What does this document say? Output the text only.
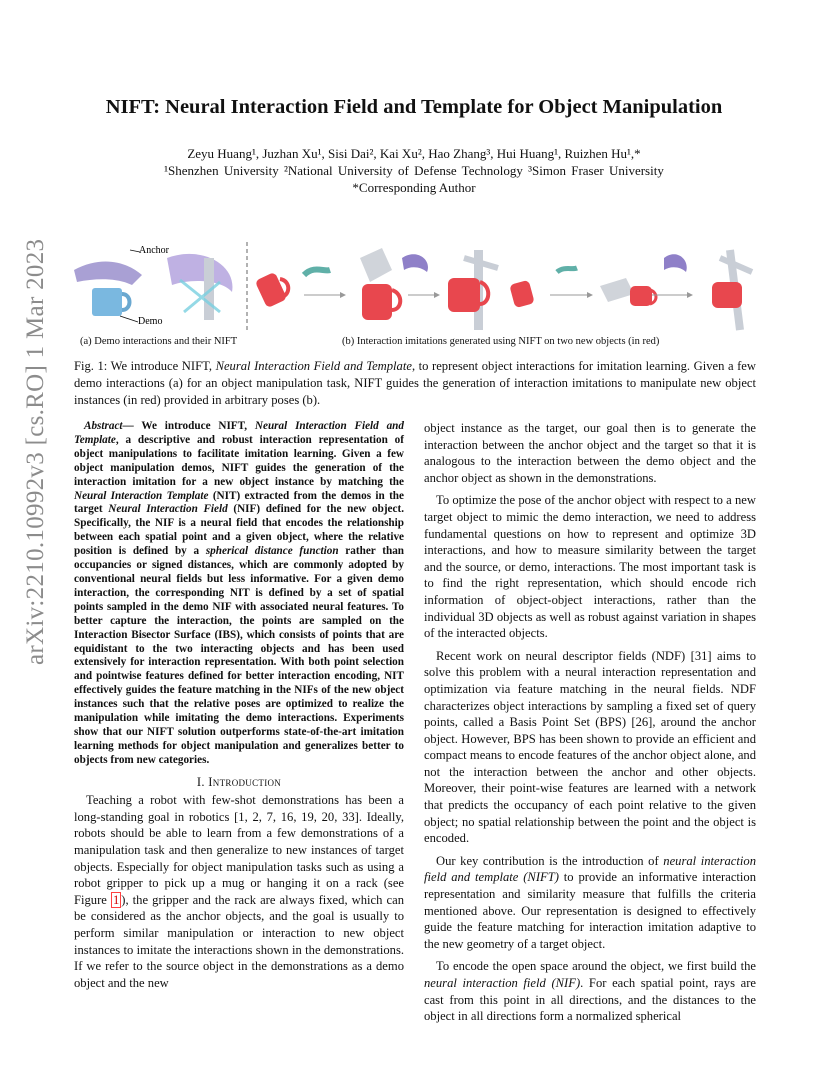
NIFT: Neural Interaction Field and Template for Object Manipulation
Zeyu Huang¹, Juzhan Xu¹, Sisi Dai², Kai Xu², Hao Zhang³, Hui Huang¹, Ruizhen Hu¹,*
¹Shenzhen University ²National University of Defense Technology ³Simon Fraser University
*Corresponding Author
arXiv:2210.10992v3 [cs.RO] 1 Mar 2023	Anchor
Demo
(a) Demo interactions and their NIFT	(b) Interaction imitations generated using NIFT on two new objects (in red)
Fig. 1: We introduce NIFT, Neural Interaction Field and Template, to represent object interactions for imitation learning. Given a few demo interactions (a) for an object manipulation task, NIFT guides the generation of interaction imitations to manipulate new object instances (in red) provided in arbitrary poses (b).

Abstract— We introduce NIFT, Neural Interaction Field and Template, a descriptive and robust interaction representation of object manipulations to facilitate imitation learning. Given a few object manipulation demos, NIFT guides the generation of the interaction imitation for a new object instance by matching the Neural Interaction Template (NIT) extracted from the demos in the target Neural Interaction Field (NIF) defined for the new object. Specifically, the NIF is a neural field that encodes the relationship between each spatial point and a given object, where the relative position is defined by a spherical distance function rather than occupancies or signed distances, which are commonly adopted by conventional neural fields but less informative. For a given demo interaction, the corresponding NIT is defined by a set of spatial points sampled in the demo NIF with associated neural features. To better capture the interaction, the points are sampled on the Interaction Bisector Surface (IBS), which consists of points that are equidistant to the two interacting objects and has been used extensively for interaction representation. With both point selection and pointwise features defined for better interaction encoding, NIT effectively guides the feature matching in the NIFs of the new object instances such that the relative poses are optimized to realize the manipulation while imitating the demo interactions. Experiments show that our NIFT solution outperforms state-of-the-art imitation learning methods for object manipulation and generalizes better to objects from new categories.

I. Introduction

Teaching a robot with few-shot demonstrations has been a long-standing goal in robotics [1, 2, 7, 16, 19, 20, 33]. Ideally, robots should be able to learn from a few demonstrations of a manipulation task and then generalize to new instances of target objects. Especially for object manipulation tasks such as using a robot gripper to pick up a mug or hanging it on a rack (see Figure 1 ), the gripper and the rack are always fixed, which can be considered as the anchor objects, and the goal is usually to perform similar manipulation or interaction to new object instances to imitate the interactions shown in the demonstrations. If we refer to the source object in the demonstrations as a demo object and the new

object instance as the target, our goal then is to generate the interaction between the anchor object and the target so that it is analogous to the interaction between the demo object and the anchor object as shown in the demonstrations.

To optimize the pose of the anchor object with respect to a new target object to mimic the demo interaction, we need to address fundamental questions on how to represent and optimize 3D interactions, and how to measure similarity between the target and the source, or demo, interactions. The most important task is to find the right representation, which should encode rich information of object-object interactions, rather than the individual 3D objects as well as robust against variation in shapes of the interacted objects.

Recent work on neural descriptor fields (NDF) [31] aims to solve this problem with a neural interaction representation and optimization via feature matching in the neural fields. NDF characterizes object interactions by sampling a fixed set of query points, called a Basis Point Set (BPS) [26], around the anchor object. However, BPS has been shown to provide an efficient and compact means to encode features of the anchor object alone, and not the interaction between the anchor and other objects. Moreover, their point-wise features are learned with a network that predicts the occupancy of each point relative to the given object; no spatial relationship between the point and the object is encoded.

Our key contribution is the introduction of neural interaction field and template (NIFT) to provide an informative interaction representation and similarity measure that fulfills the criteria mentioned above. Our representation is designed to effectively guide the feature matching for interaction imitation adaptive to the new geometry of a target object.

To encode the open space around the object, we first build the neural interaction field (NIF). For each spatial point, rays are cast from this point in all directions, and the distances to the object in all directions form a normalized spherical
